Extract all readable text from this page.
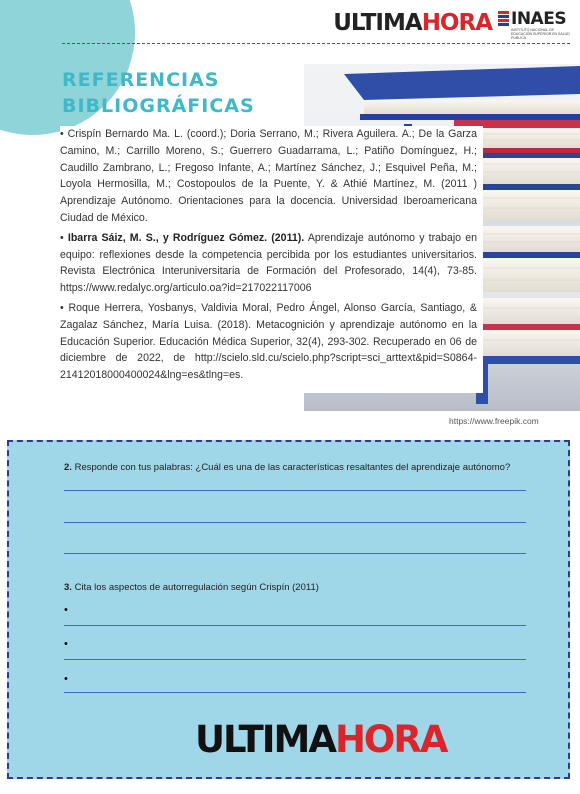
ULTIMAHORA INAES
INSTITUTO NACIONAL DE EDUCACIÓN SUPERIOR EN SALUD PÚBLICA
REFERENCIAS
BIBLIOGRÁFICAS

• Crispín Bernardo Ma. L. (coord.); Doria Serrano, M.; Rivera Aguilera. A.; De la Garza Camino, M.; Carrillo Moreno, S.; Guerrero Guadarrama, L.; Patiño Domínguez, H.; Caudillo Zambrano, L.; Fregoso Infante, A.; Martínez Sánchez, J.; Esquivel Peña, M.; Loyola Hermosilla, M.; Costopoulos de la Puente, Y. & Athié Martínez, M. (2011 ) Aprendizaje Autónomo. Orientaciones para la docencia. Universidad Iberoamericana Ciudad de México.

• Ibarra Sáiz, M. S., y Rodríguez Gómez. (2011). Aprendizaje autónomo y trabajo en equipo: reflexiones desde la competencia percibida por los estudiantes universitarios. Revista Electrónica Interuniversitaria de Formación del Profesorado, 14(4), 73-85. https://www.redalyc.org/articulo.oa?id=217022117006

• Roque Herrera, Yosbanys, Valdivia Moral, Pedro Ángel, Alonso García, Santiago, & Zagalaz Sánchez, María Luisa. (2018). Metacognición y aprendizaje autónomo en la Educación Superior. Educación Médica Superior, 32(4), 293-302. Recuperado en 06 de diciembre de 2022, de http://scielo.sld.cu/scielo.php?script=sci_arttext&pid=S0864-21412018000400024&lng=es&tlng=es.

https://www.freepik.com
2. Responde con tus palabras: ¿Cuál es una de las características resaltantes del aprendizaje autónomo?
3. Cita los aspectos de autorregulación según Crispín (2011)
•
•
•
ULTIMAHORA
